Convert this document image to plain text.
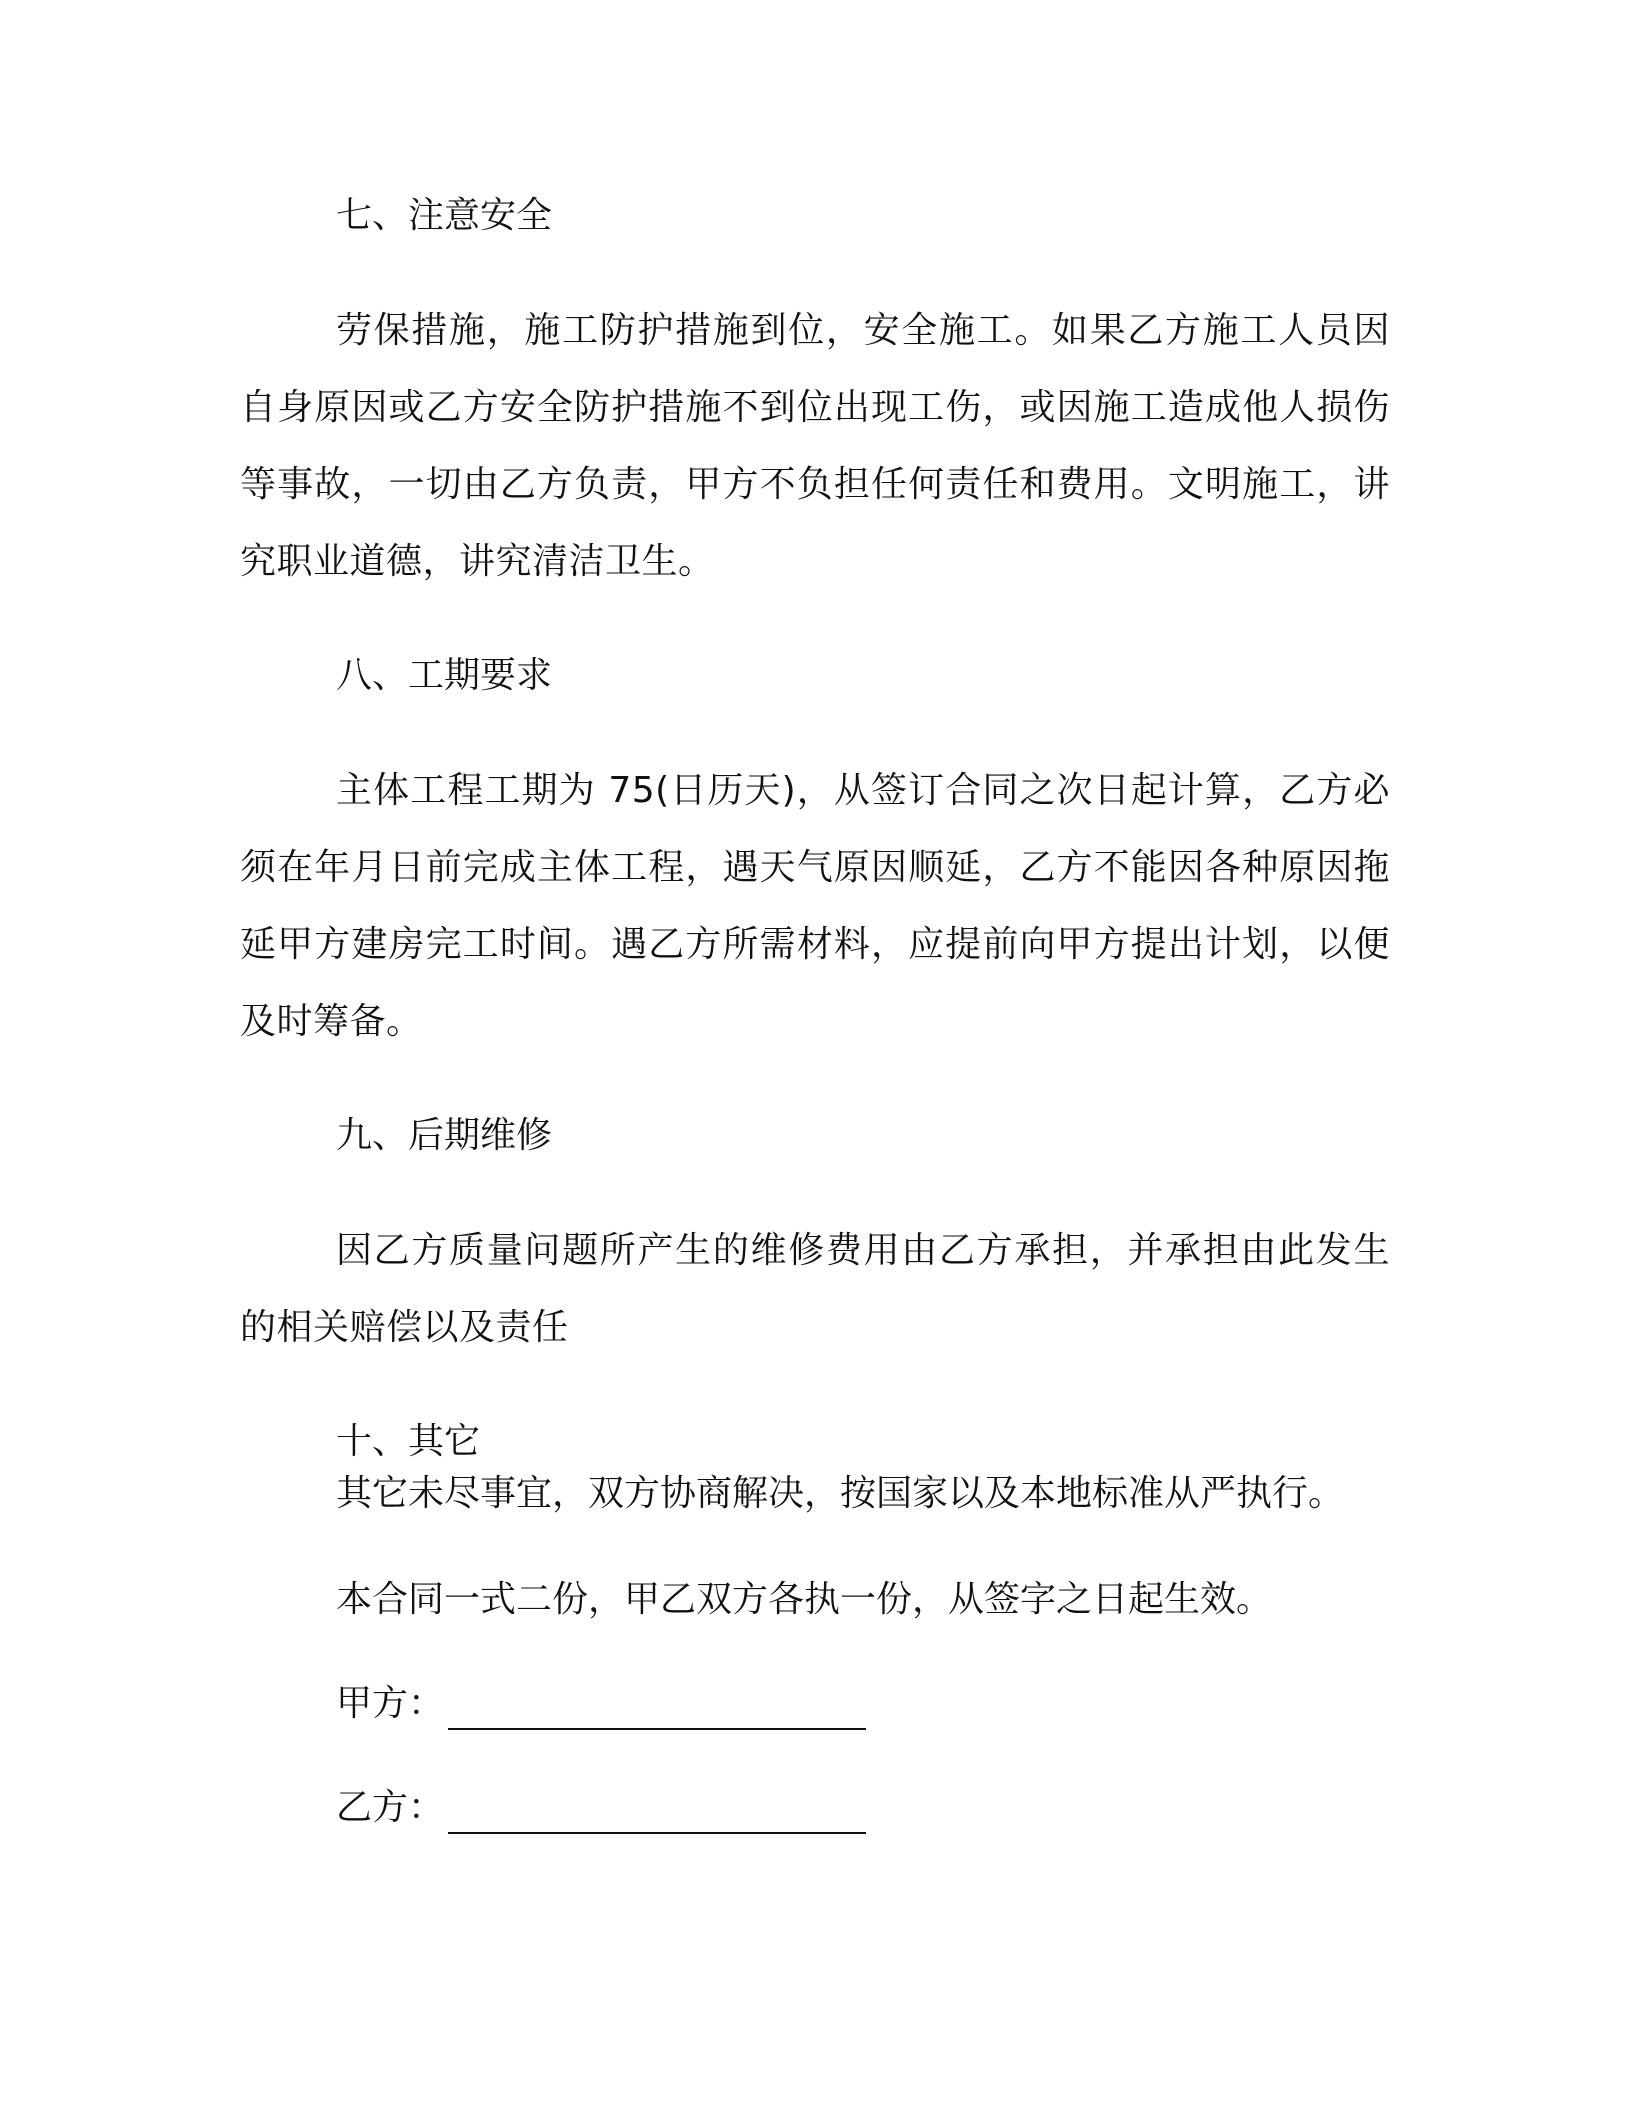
七、注意安全

劳保措施，施工防护措施到位，安全施工。如果乙方施工人员因自身原因或乙方安全防护措施不到位出现工伤，或因施工造成他人损伤等事故，一切由乙方负责，甲方不负担任何责任和费用。文明施工，讲究职业道德，讲究清洁卫生。

八、工期要求

主体工程工期为 75(日历天)，从签订合同之次日起计算，乙方必须在年月日前完成主体工程，遇天气原因顺延，乙方不能因各种原因拖延甲方建房完工时间。遇乙方所需材料，应提前向甲方提出计划，以便及时筹备。

九、后期维修

因乙方质量问题所产生的维修费用由乙方承担，并承担由此发生的相关赔偿以及责任

十、其它

其它未尽事宜，双方协商解决，按国家以及本地标准从严执行。

本合同一式二份，甲乙双方各执一份，从签字之日起生效。

甲方：
乙方：
